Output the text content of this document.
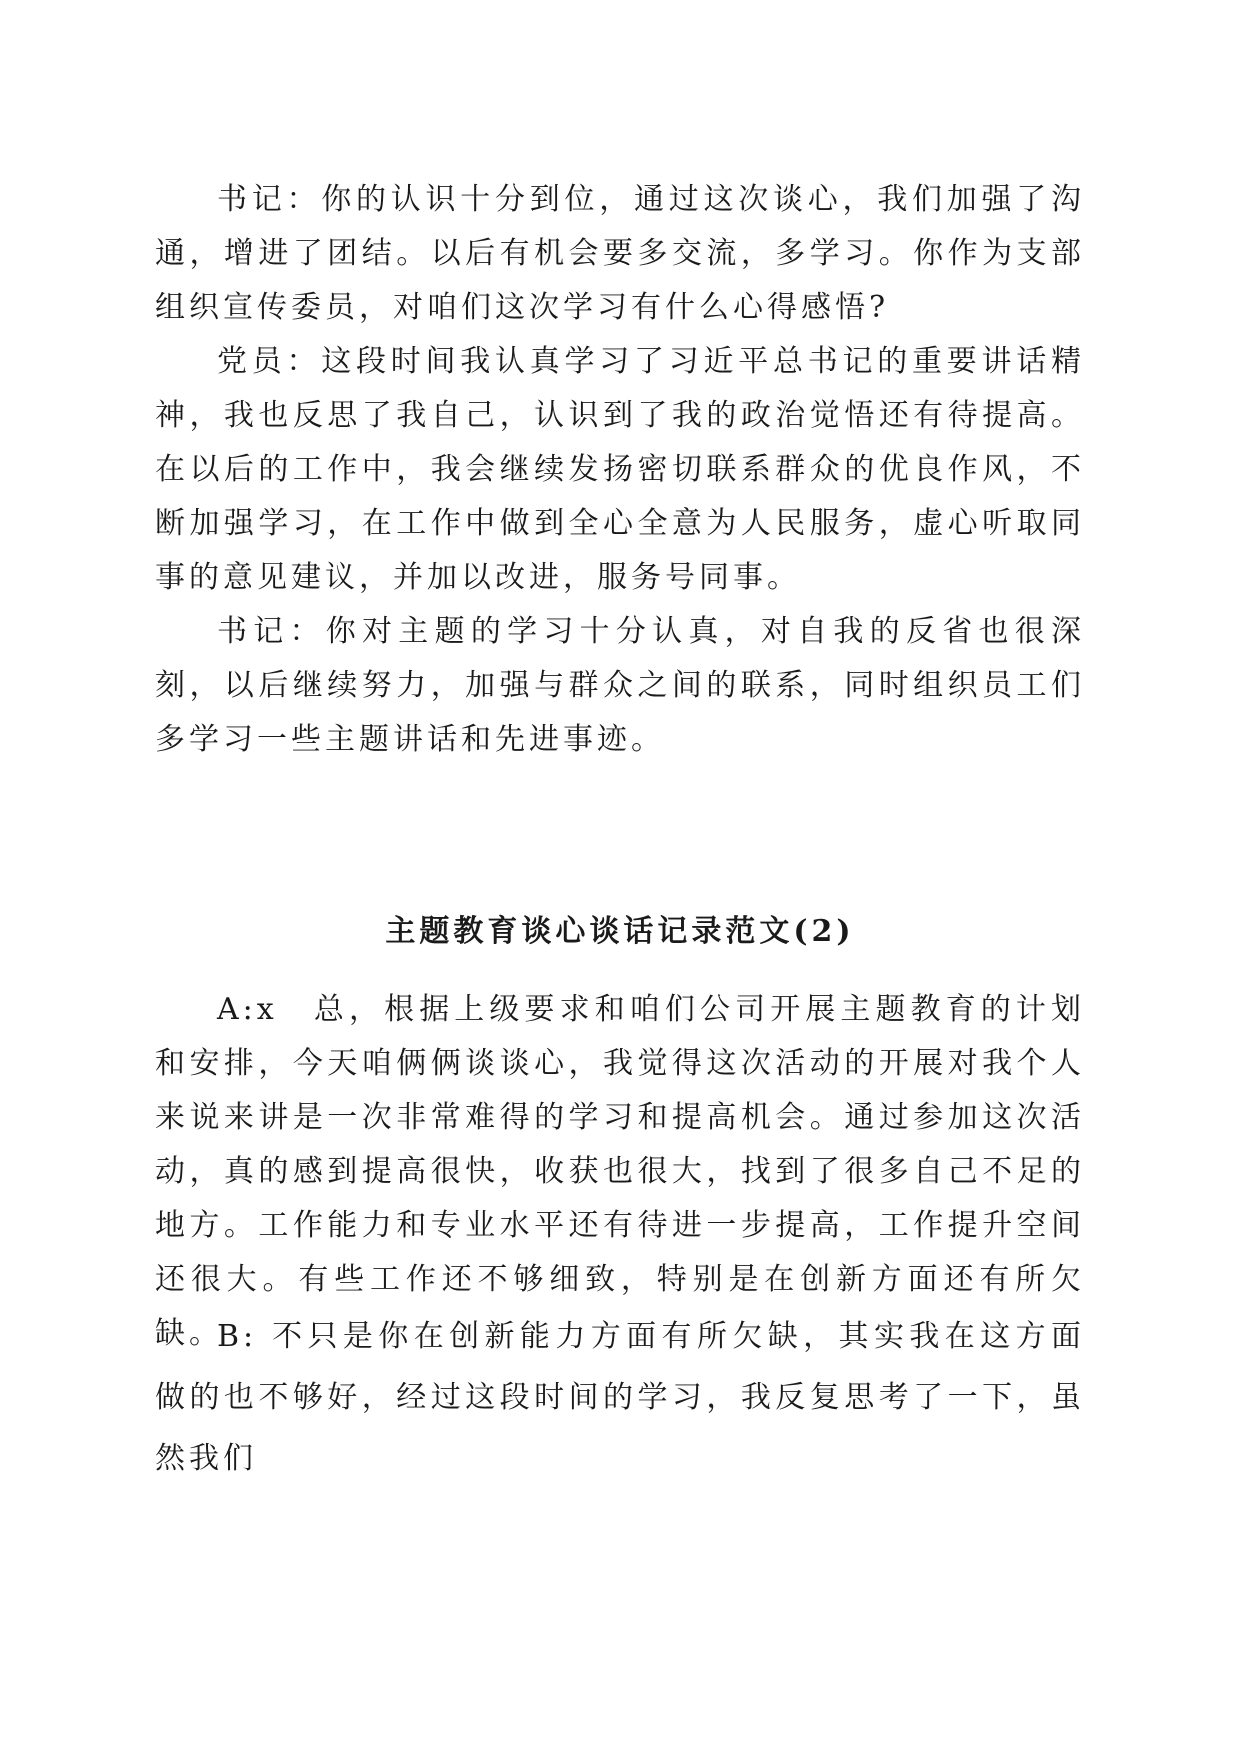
书记：你的认识十分到位，通过这次谈心，我们加强了沟通，增进了团结。以后有机会要多交流，多学习。你作为支部组织宣传委员，对咱们这次学习有什么心得感悟?

党员：这段时间我认真学习了习近平总书记的重要讲话精神，我也反思了我自己，认识到了我的政治觉悟还有待提高。在以后的工作中，我会继续发扬密切联系群众的优良作风，不断加强学习，在工作中做到全心全意为人民服务，虚心听取同事的意见建议，并加以改进，服务号同事。

书记：你对主题的学习十分认真，对自我的反省也很深刻，以后继续努力，加强与群众之间的联系，同时组织员工们多学习一些主题讲话和先进事迹。

主题教育谈心谈话记录范文(2)

A:x　总，根据上级要求和咱们公司开展主题教育的计划和安排，今天咱俩俩谈谈心，我觉得这次活动的开展对我个人来说来讲是一次非常难得的学习和提高机会。通过参加这次活动，真的感到提高很快，收获也很大，找到了很多自己不足的地方。工作能力和专业水平还有待进一步提高，工作提升空间还很大。有些工作还不够细致，特别是在创新方面还有所欠缺。

B: 不只是你在创新能力方面有所欠缺，其实我在这方面做的也不够好，经过这段时间的学习，我反复思考了一下，虽然我们
